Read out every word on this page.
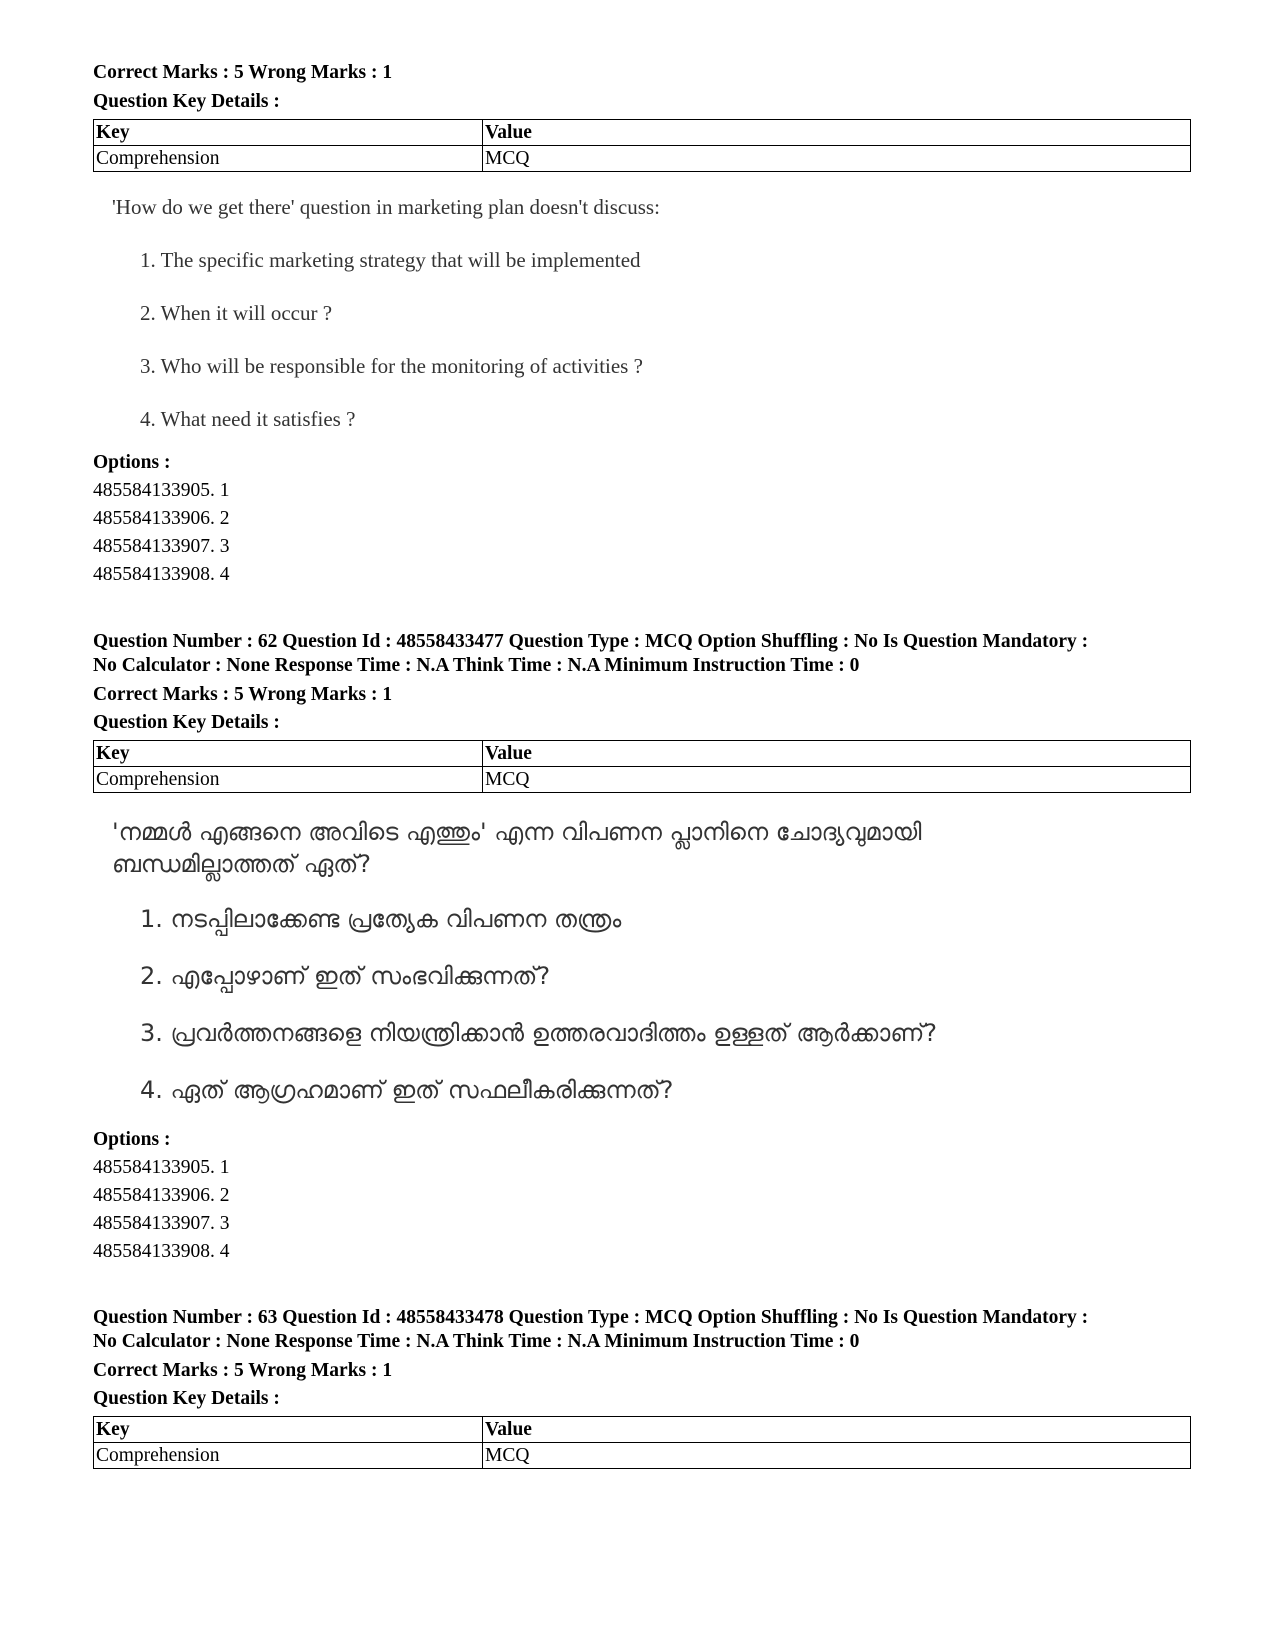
Correct Marks : 5 Wrong Marks : 1
Question Key Details :
Key	Value
Comprehension	MCQ
'How do we get there' question in marketing plan doesn't discuss:
1. The specific marketing strategy that will be implemented
2. When it will occur ?
3. Who will be responsible for the monitoring of activities ?
4. What need it satisfies ?
Options :
485584133905. 1
485584133906. 2
485584133907. 3
485584133908. 4
Question Number : 62 Question Id : 48558433477 Question Type : MCQ Option Shuffling : No Is Question Mandatory :
No Calculator : None Response Time : N.A Think Time : N.A Minimum Instruction Time : 0
Correct Marks : 5 Wrong Marks : 1
Question Key Details :
Key	Value
Comprehension	MCQ
'നമ്മൾ എങ്ങനെ അവിടെ എത്തും' എന്ന വിപണന പ്ലാനിനെ ചോദ്യവുമായി
ബന്ധമില്ലാത്തത് ഏത്?
1. നടപ്പിലാക്കേണ്ട പ്രത്യേക വിപണന തന്ത്രം
2. എപ്പോഴാണ് ഇത് സംഭവിക്കുന്നത്?
3. പ്രവർത്തനങ്ങളെ നിയന്ത്രിക്കാൻ ഉത്തരവാദിത്തം ഉള്ളത് ആർക്കാണ്?
4. ഏത് ആഗ്രഹമാണ് ഇത് സഫലീകരിക്കുന്നത്?
Options :
485584133905. 1
485584133906. 2
485584133907. 3
485584133908. 4
Question Number : 63 Question Id : 48558433478 Question Type : MCQ Option Shuffling : No Is Question Mandatory :
No Calculator : None Response Time : N.A Think Time : N.A Minimum Instruction Time : 0
Correct Marks : 5 Wrong Marks : 1
Question Key Details :
Key	Value
Comprehension	MCQ
